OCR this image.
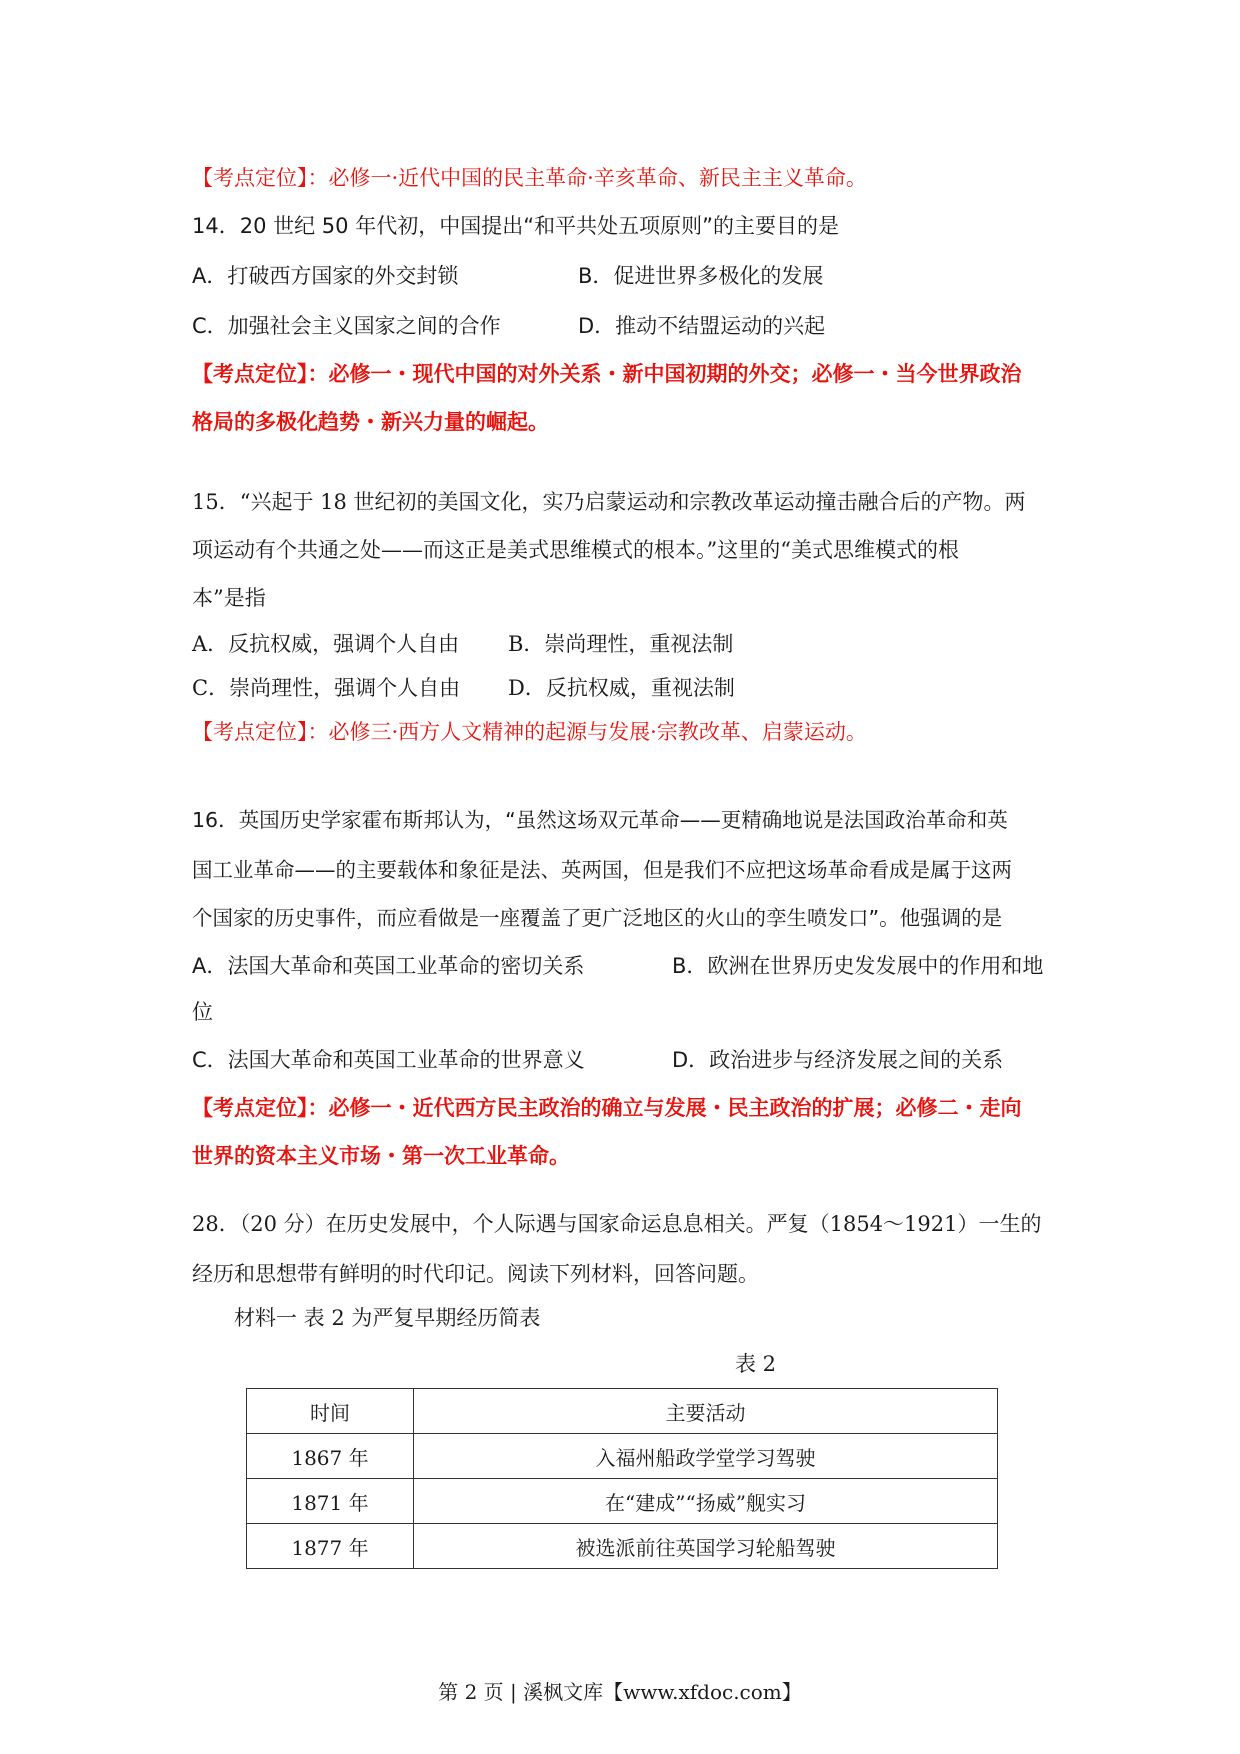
【考点定位】：必修一·近代中国的民主革命·辛亥革命、新民主主义革命。
14．20 世纪 50 年代初，中国提出“和平共处五项原则”的主要目的是
A．打破西方国家的外交封锁	B．促进世界多极化的发展
C．加强社会主义国家之间的合作	D．推动不结盟运动的兴起
【考点定位】：必修一・现代中国的对外关系・新中国初期的外交；必修一・当今世界政治
格局的多极化趋势・新兴力量的崛起。
15．“兴起于 18 世纪初的美国文化，实乃启蒙运动和宗教改革运动撞击融合后的产物。两
项运动有个共通之处——而这正是美式思维模式的根本。”这里的“美式思维模式的根
本”是指
A．反抗权威，强调个人自由 B．崇尚理性，重视法制
C．崇尚理性，强调个人自由 D．反抗权威，重视法制
【考点定位】：必修三·西方人文精神的起源与发展·宗教改革、启蒙运动。
16．英国历史学家霍布斯邦认为，“虽然这场双元革命——更精确地说是法国政治革命和英
国工业革命——的主要载体和象征是法、英两国，但是我们不应把这场革命看成是属于这两
个国家的历史事件，而应看做是一座覆盖了更广泛地区的火山的孪生喷发口”。他强调的是
A．法国大革命和英国工业革命的密切关系	B．欧洲在世界历史发发展中的作用和地
位
C．法国大革命和英国工业革命的世界意义	D．政治进步与经济发展之间的关系
【考点定位】：必修一・近代西方民主政治的确立与发展・民主政治的扩展；必修二・走向
世界的资本主义市场・第一次工业革命。
28．（20 分）在历史发展中，个人际遇与国家命运息息相关。严复（1854～1921）一生的
经历和思想带有鲜明的时代印记。阅读下列材料，回答问题。
材料一 表 2 为严复早期经历简表
表 2
时间	主要活动
1867 年	入福州船政学堂学习驾驶
1871 年	在“建成”“扬威”舰实习
1877 年	被选派前往英国学习轮船驾驶
第 2 页 | 溪枫文库【www.xfdoc.com】
